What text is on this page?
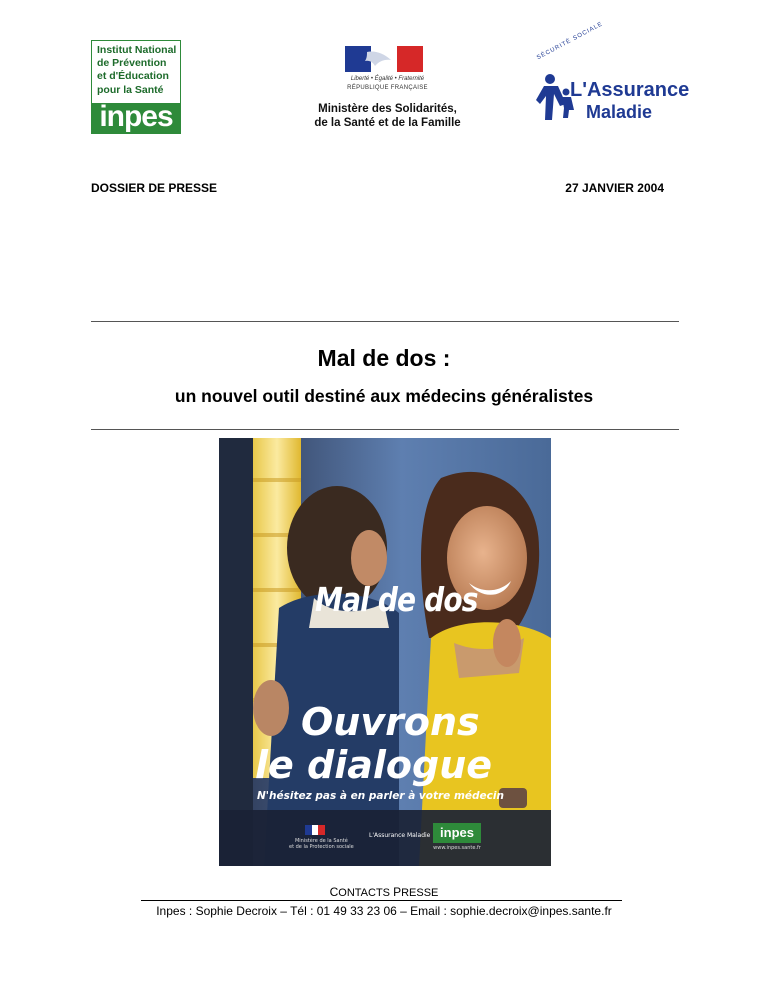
Institut National
de Prévention
et d'Éducation
pour la Santé
inpes
Liberté • Égalité • Fraternité
RÉPUBLIQUE FRANÇAISE
Ministère des Solidarités,
de la Santé et de la Famille
SÉCURITÉ SOCIALE
L'Assurance
Maladie
DOSSIER DE PRESSE	27 JANVIER 2004
Mal de dos :
un nouvel outil destiné aux médecins généralistes
Mal de dos
Ouvrons
le dialogue
N'hésitez pas à en parler à votre médecin
Ministère de la Santé
et de la Protection sociale
L'Assurance Maladie inpes
www.inpes.sante.fr
CONTACTS PRESSE
Inpes : Sophie Decroix – Tél : 01 49 33 23 06 – Email : sophie.decroix@inpes.sante.fr
